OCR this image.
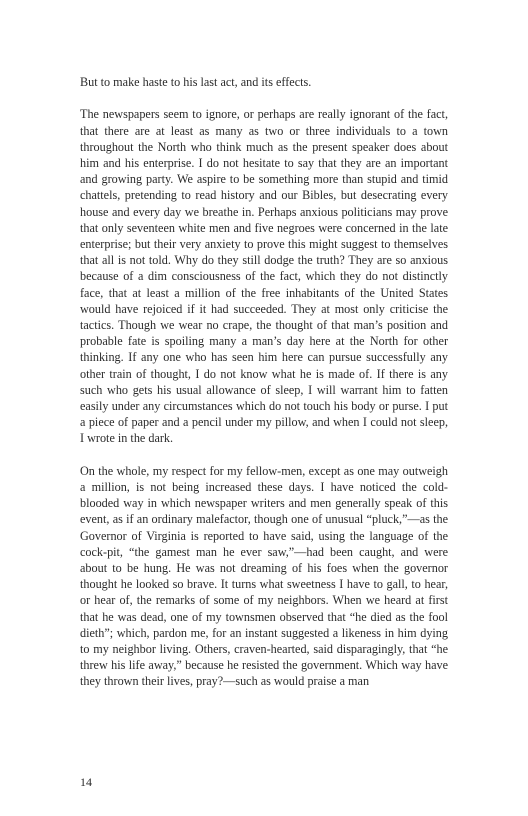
But to make haste to his last act, and its effects.

The newspapers seem to ignore, or perhaps are really ignorant of the fact, that there are at least as many as two or three individuals to a town throughout the North who think much as the present speaker does about him and his enterprise. I do not hesitate to say that they are an important and growing party. We aspire to be something more than stupid and timid chattels, pretending to read history and our Bibles, but desecrating every house and every day we breathe in. Perhaps anxious politicians may prove that only seventeen white men and five negroes were concerned in the late enterprise; but their very anxiety to prove this might suggest to themselves that all is not told. Why do they still dodge the truth? They are so anxious because of a dim consciousness of the fact, which they do not distinctly face, that at least a million of the free inhabitants of the United States would have rejoiced if it had succeeded. They at most only criticise the tactics. Though we wear no crape, the thought of that man’s position and probable fate is spoiling many a man’s day here at the North for other thinking. If any one who has seen him here can pursue successfully any other train of thought, I do not know what he is made of. If there is any such who gets his usual allowance of sleep, I will warrant him to fatten easily under any circumstances which do not touch his body or purse. I put a piece of paper and a pencil under my pillow, and when I could not sleep, I wrote in the dark.

On the whole, my respect for my fellow-men, except as one may outweigh a million, is not being increased these days. I have noticed the cold-blooded way in which newspaper writers and men generally speak of this event, as if an ordinary malefactor, though one of unusual “pluck,”—as the Governor of Virginia is reported to have said, using the language of the cock-pit, “the gamest man he ever saw,”—had been caught, and were about to be hung. He was not dreaming of his foes when the governor thought he looked so brave. It turns what sweetness I have to gall, to hear, or hear of, the remarks of some of my neighbors. When we heard at first that he was dead, one of my townsmen observed that “he died as the fool dieth”; which, pardon me, for an instant suggested a likeness in him dying to my neighbor living. Others, craven-hearted, said disparagingly, that “he threw his life away,” because he resisted the government. Which way have they thrown their lives, pray?—such as would praise a man

14
